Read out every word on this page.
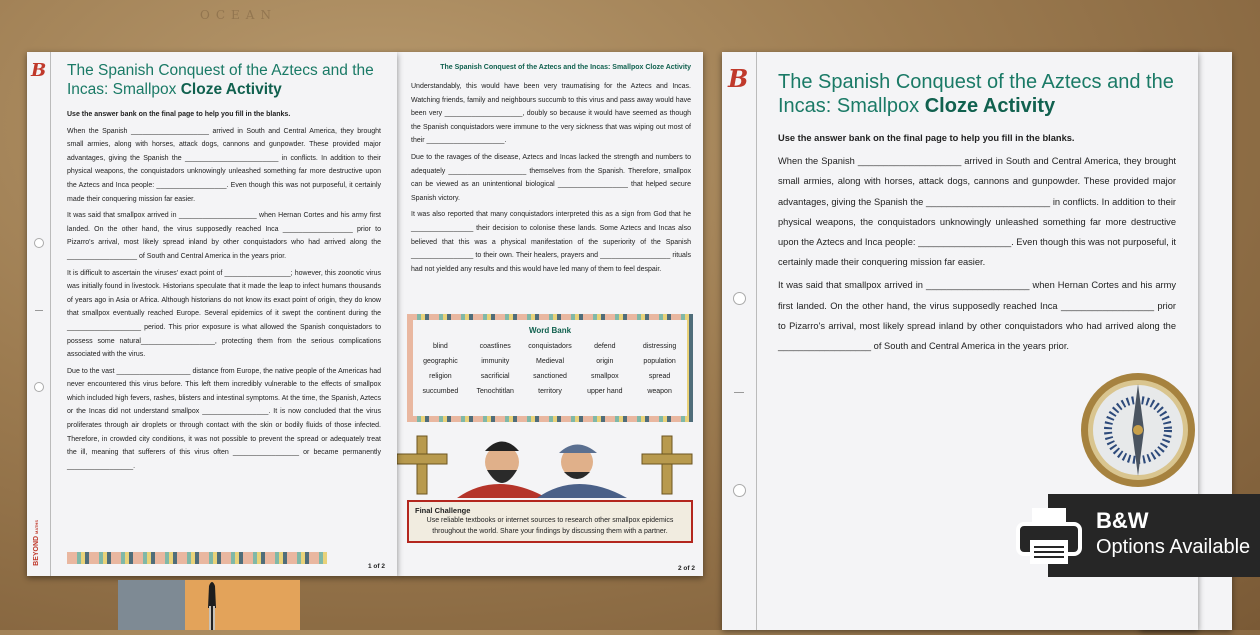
OCEAN
The Spanish Conquest of the Aztecs and the Incas: Smallpox Cloze Activity
Understandably, this would have been very traumatising for the Aztecs and Incas. Watching friends, family and neighbours succumb to this virus and pass away would have been very ____________________, doubly so because it would have seemed as though the Spanish conquistadors were immune to the very sickness that was wiping out most of their ____________________.
Due to the ravages of the disease, Aztecs and Incas lacked the strength and numbers to adequately ____________________ themselves from the Spanish. Therefore, smallpox can be viewed as an unintentional biological __________________ that helped secure Spanish victory.
It was also reported that many conquistadors interpreted this as a sign from God that he ________________ their decision to colonise these lands. Some Aztecs and Incas also believed that this was a physical manifestation of the superiority of the Spanish ________________ to their own. Their healers, prayers and __________________ rituals had not yielded any results and this would have led many of them to feel despair.
Word Bank
blind	coastlines	conquistadors	defend	distressing
geographic	immunity	Medieval	origin	population
religion	sacrificial	sanctioned	smallpox	spread
succumbed	Tenochtitlan	territory	upper hand	weapon
Final Challenge
Use reliable textbooks or internet sources to research other smallpox epidemics throughout the world. Share your findings by discussing them with a partner.
2 of 2
B
BEYOND MATHS
The Spanish Conquest of the Aztecs and the Incas: Smallpox Cloze Activity
Use the answer bank on the final page to help you fill in the blanks.
When the Spanish ____________________ arrived in South and Central America, they brought small armies, along with horses, attack dogs, cannons and gunpowder. These provided major advantages, giving the Spanish the ________________________ in conflicts. In addition to their physical weapons, the conquistadors unknowingly unleashed something far more destructive upon the Aztecs and Inca people: __________________. Even though this was not purposeful, it certainly made their conquering mission far easier.
It was said that smallpox arrived in ____________________ when Hernan Cortes and his army first landed. On the other hand, the virus supposedly reached Inca __________________ prior to Pizarro's arrival, most likely spread inland by other conquistadors who had arrived along the __________________ of South and Central America in the years prior.
It is difficult to ascertain the viruses' exact point of _________________; however, this zoonotic virus was initially found in livestock. Historians speculate that it made the leap to infect humans thousands of years ago in Asia or Africa. Although historians do not know its exact point of origin, they do know that smallpox eventually reached Europe. Several epidemics of it swept the continent during the ___________________ period. This prior exposure is what allowed the Spanish conquistadors to possess some natural___________________, protecting them from the serious complications associated with the virus.
Due to the vast ___________________ distance from Europe, the native people of the Americas had never encountered this virus before. This left them incredibly vulnerable to the effects of smallpox which included high fevers, rashes, blisters and intestinal symptoms. At the time, the Spanish, Aztecs or the Incas did not understand smallpox _________________. It is now concluded that the virus proliferates through air droplets or through contact with the skin or bodily fluids of those infected. Therefore, in crowded city conditions, it was not possible to prevent the spread or adequately treat the ill, meaning that sufferers of this virus often _________________ or became permanently _________________.
1 of 2
B The Spanish Conquest of the Aztecs and the Incas: Smallpox Cloze Activity
Use the answer bank on the final page to help you fill in the blanks.
When the Spanish ____________________ arrived in South and Central America, they brought small armies, along with horses, attack dogs, cannons and gunpowder. These provided major advantages, giving the Spanish the ________________________ in conflicts. In addition to their physical weapons, the conquistadors unknowingly unleashed something far more destructive upon the Aztecs and Inca people: __________________. Even though this was not purposeful, it certainly made their conquering mission far easier.
It was said that smallpox arrived in ____________________ when Hernan Cortes and his army first landed. On the other hand, the virus supposedly reached Inca __________________ prior to Pizarro's arrival, most likely spread inland by other conquistadors who had arrived along the __________________ of South and Central America in the years prior.
B&W
Options Available
